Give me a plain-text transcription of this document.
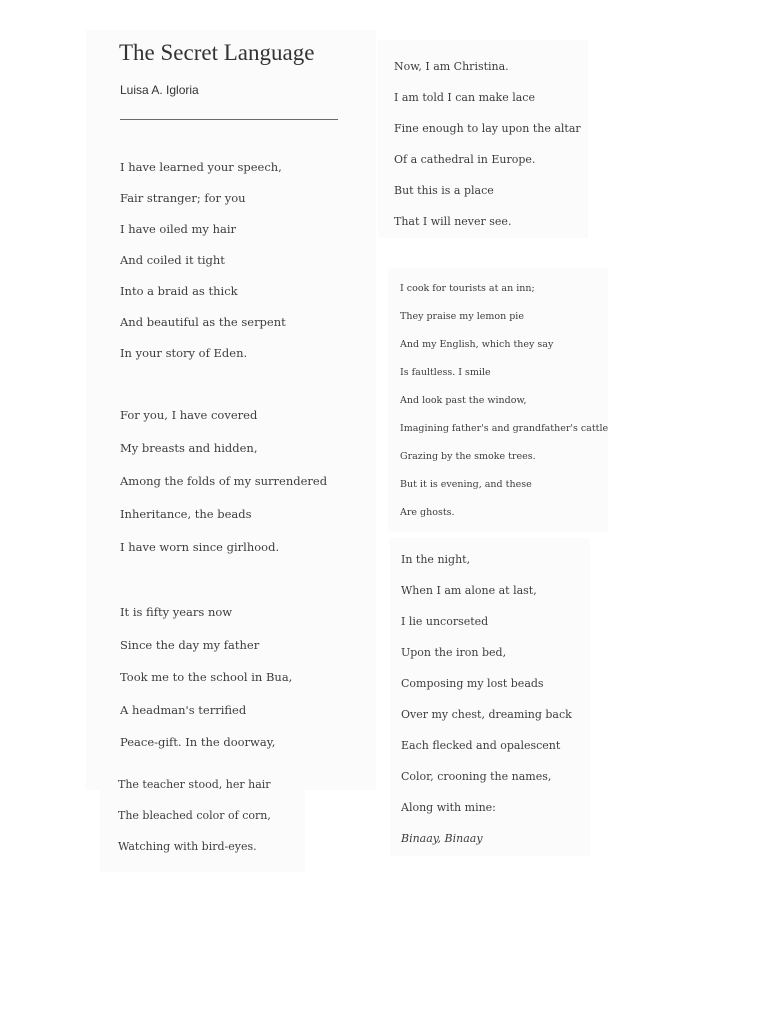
The Secret Language
Luisa A. Igloria
I have learned your speech,
Fair stranger; for you
I have oiled my hair
And coiled it tight
Into a braid as thick
And beautiful as the serpent
In your story of Eden.
For you, I have covered
My breasts and hidden,
Among the folds of my surrendered
Inheritance, the beads
I have worn since girlhood.
It is fifty years now
Since the day my father
Took me to the school in Bua,
A headman's terrified
Peace-gift. In the doorway,
The teacher stood, her hair
The bleached color of corn,
Watching with bird-eyes.
Now, I am Christina.
I am told I can make lace
Fine enough to lay upon the altar
Of a cathedral in Europe.
But this is a place
That I will never see.
I cook for tourists at an inn;
They praise my lemon pie
And my English, which they say
Is faultless. I smile
And look past the window,
Imagining father's and grandfather's cattle
Grazing by the smoke trees.
But it is evening, and these
Are ghosts.
In the night,
When I am alone at last,
I lie uncorseted
Upon the iron bed,
Composing my lost beads
Over my chest, dreaming back
Each flecked and opalescent
Color, crooning the names,
Along with mine:
Binaay, Binaay
